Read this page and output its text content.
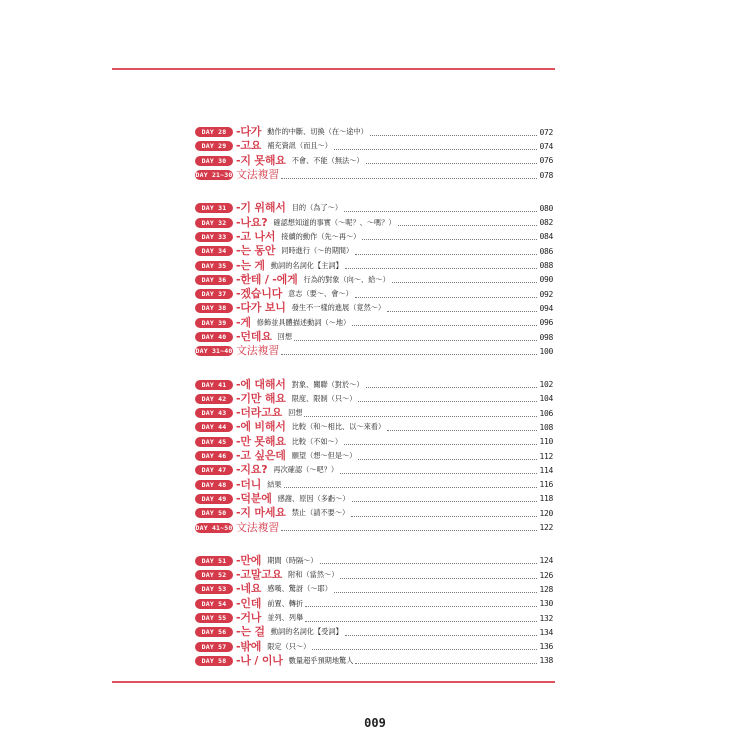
DAY 28 -다가 動作的中斷、切換（在～途中）	072
DAY 29 -고요 補充資訊（而且～）	074
DAY 30 -지 못해요 不會、不能（無法～）	076
DAY 21~30 文法複習	078
DAY 31 -기 위해서 目的（為了～）	080
DAY 32 -나요? 確認想知道的事實（～呢？、～嗎？）	082
DAY 33 -고 나서 接續的動作（先～再～）	084
DAY 34 -는 동안 同時進行（～的期間）	086
DAY 35 -는 게 動詞的名詞化【主詞】	088
DAY 36 -한테 / -에게 行為的對象（向～、給～）	090
DAY 37 -겠습니다 意志（要～、會～）	092
DAY 38 -다가 보니 發生不一樣的進展（竟然～）	094
DAY 39 -게 修飾並具體描述動詞（～地）	096
DAY 40 -던데요 回想	098
DAY 31~40 文法複習	100
DAY 41 -에 대해서 對象、關聯（對於～）	102
DAY 42 -기만 해요 限度、限制（只～）	104
DAY 43 -더라고요 回想	106
DAY 44 -에 비해서 比較（和～相比、以～來看）	108
DAY 45 -만 못해요 比較（不如～）	110
DAY 46 -고 싶은데 願望（想～但是～）	112
DAY 47 -지요? 再次確認（～吧？）	114
DAY 48 -더니 結果	116
DAY 49 -덕분에 感謝、原因（多虧～）	118
DAY 50 -지 마세요 禁止（請不要～）	120
DAY 41~50 文法複習	122
DAY 51 -만에 期間（時隔～）	124
DAY 52 -고말고요 附和（當然～）	126
DAY 53 -네요 感嘆、驚訝（～耶）	128
DAY 54 -인데 前置、轉折	130
DAY 55 -거나 並列、列舉	132
DAY 56 -는 걸 動詞的名詞化【受詞】	134
DAY 57 -밖에 限定（只～）	136
DAY 58 -나 / 이나 數量超乎預期地驚人	138
009
